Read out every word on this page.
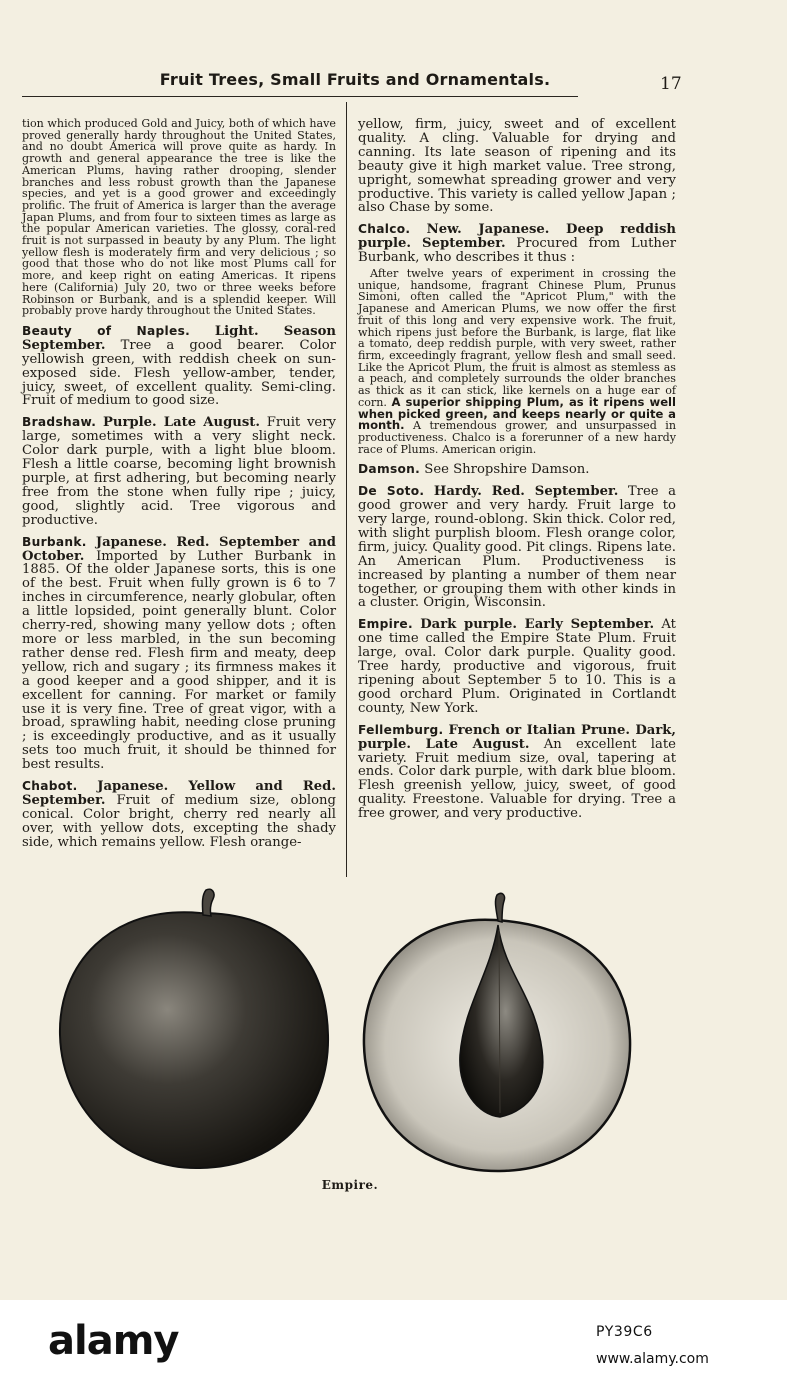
Fruit Trees, Small Fruits and Ornamentals.	17

tion which produced Gold and Juicy, both of which have proved generally hardy throughout the United States, and no doubt America will prove quite as hardy. In growth and general appearance the tree is like the American Plums, having rather drooping, slender branches and less robust growth than the Japanese species, and yet is a good grower and exceedingly prolific. The fruit of America is larger than the average Japan Plums, and from four to sixteen times as large as the popular American varieties. The glossy, coral-red fruit is not surpassed in beauty by any Plum. The light yellow flesh is moderately firm and very delicious ; so good that those who do not like most Plums call for more, and keep right on eating Americas. It ripens here (California) July 20, two or three weeks before Robinson or Burbank, and is a splendid keeper. Will probably prove hardy throughout the United States.

Beauty of Naples. Light. Season September. Tree a good bearer. Color yellowish green, with reddish cheek on sun-exposed side. Flesh yellow-amber, tender, juicy, sweet, of excellent quality. Semi-cling. Fruit of medium to good size.

Bradshaw. Purple. Late August. Fruit very large, sometimes with a very slight neck. Color dark purple, with a light blue bloom. Flesh a little coarse, becoming light brownish purple, at first adhering, but becoming nearly free from the stone when fully ripe ; juicy, good, slightly acid. Tree vigorous and productive.

Burbank. Japanese. Red. September and October. Imported by Luther Burbank in 1885. Of the older Japanese sorts, this is one of the best. Fruit when fully grown is 6 to 7 inches in circumference, nearly globular, often a little lopsided, point generally blunt. Color cherry-red, showing many yellow dots ; often more or less marbled, in the sun becoming rather dense red. Flesh firm and meaty, deep yellow, rich and sugary ; its firmness makes it a good keeper and a good shipper, and it is excellent for canning. For market or family use it is very fine. Tree of great vigor, with a broad, sprawling habit, needing close pruning ; is exceedingly productive, and as it usually sets too much fruit, it should be thinned for best results.

Chabot. Japanese. Yellow and Red. September. Fruit of medium size, oblong conical. Color bright, cherry red nearly all over, with yellow dots, excepting the shady side, which remains yellow. Flesh orange-

yellow, firm, juicy, sweet and of excellent quality. A cling. Valuable for drying and canning. Its late season of ripening and its beauty give it high market value. Tree strong, upright, somewhat spreading grower and very productive. This variety is called yellow Japan ; also Chase by some.

Chalco. New. Japanese. Deep reddish purple. September. Procured from Luther Burbank, who describes it thus :

After twelve years of experiment in crossing the unique, handsome, fragrant Chinese Plum, Prunus Simoni, often called the "Apricot Plum," with the Japanese and American Plums, we now offer the first fruit of this long and very expensive work. The fruit, which ripens just before the Burbank, is large, flat like a tomato, deep reddish purple, with very sweet, rather firm, exceedingly fragrant, yellow flesh and small seed. Like the Apricot Plum, the fruit is almost as stemless as a peach, and completely surrounds the older branches as thick as it can stick, like kernels on a huge ear of corn. A superior shipping Plum, as it ripens well when picked green, and keeps nearly or quite a month. A tremendous grower, and unsurpassed in productiveness. Chalco is a forerunner of a new hardy race of Plums. American origin.

Damson. See Shropshire Damson.

De Soto. Hardy. Red. September. Tree a good grower and very hardy. Fruit large to very large, round-oblong. Skin thick. Color red, with slight purplish bloom. Flesh orange color, firm, juicy. Quality good. Pit clings. Ripens late. An American Plum. Productiveness is increased by planting a number of them near together, or grouping them with other kinds in a cluster. Origin, Wisconsin.

Empire. Dark purple. Early September. At one time called the Empire State Plum. Fruit large, oval. Color dark purple. Quality good. Tree hardy, productive and vigorous, fruit ripening about September 5 to 10. This is a good orchard Plum. Originated in Cortlandt county, New York.

Fellemburg. French or Italian Prune. Dark, purple. Late August. An excellent late variety. Fruit medium size, oval, tapering at ends. Color dark purple, with dark blue bloom. Flesh greenish yellow, juicy, sweet, of good quality. Freestone. Valuable for drying. Tree a free grower, and very productive.

Empire.
alamy	PY39C6
www.alamy.com
